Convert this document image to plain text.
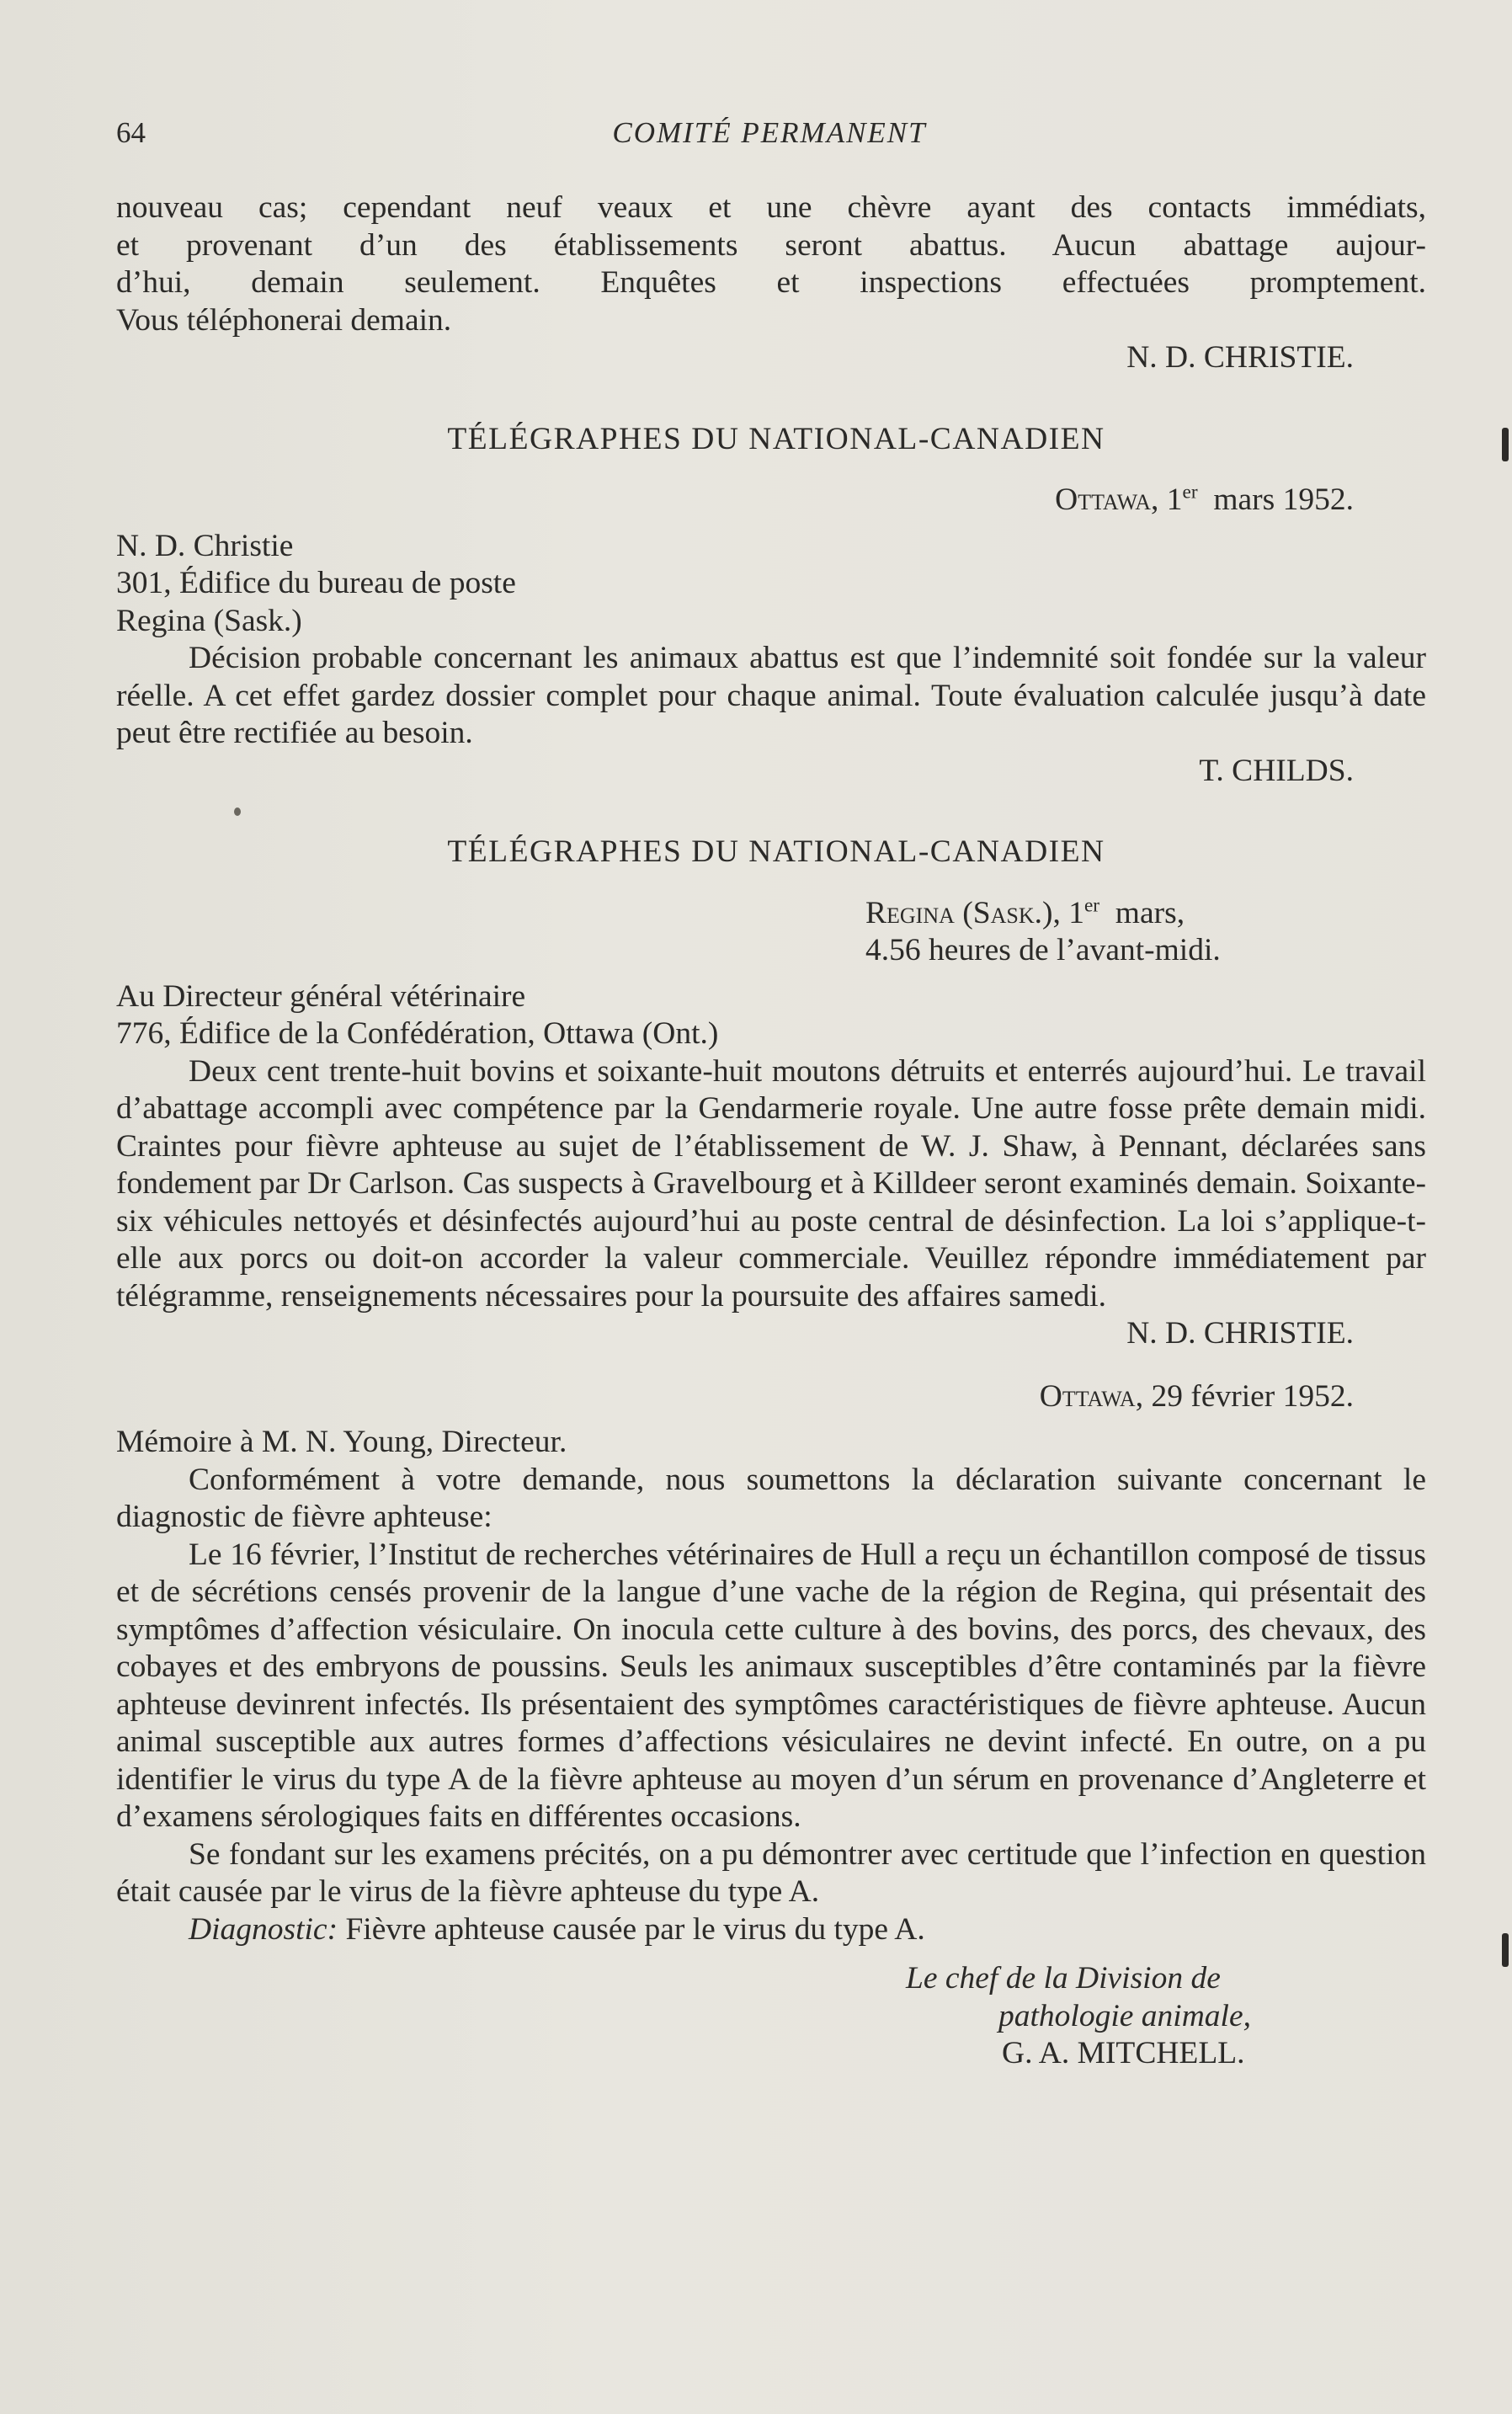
64	COMITÉ PERMANENT

nouveau cas; cependant neuf veaux et une chèvre ayant des contacts immédiats,

et provenant d’un des établissements seront abattus. Aucun abattage aujour-

d’hui, demain seulement. Enquêtes et inspections effectuées promptement.

Vous téléphonerai demain.

N. D. CHRISTIE.

TÉLÉGRAPHES DU NATIONAL-CANADIEN

Ottawa, 1er mars 1952.

N. D. Christie

301, Édifice du bureau de poste

Regina (Sask.)

Décision probable concernant les animaux abattus est que l’indemnité soit fondée sur la valeur réelle. A cet effet gardez dossier complet pour chaque animal. Toute évaluation calculée jusqu’à date peut être rectifiée au besoin.

T. CHILDS.

TÉLÉGRAPHES DU NATIONAL-CANADIEN

Regina (Sask.), 1er mars,

4.56 heures de l’avant-midi.

Au Directeur général vétérinaire

776, Édifice de la Confédération, Ottawa (Ont.)

Deux cent trente-huit bovins et soixante-huit moutons détruits et enterrés aujourd’hui. Le travail d’abattage accompli avec compétence par la Gendarmerie royale. Une autre fosse prête demain midi. Craintes pour fièvre aphteuse au sujet de l’établissement de W. J. Shaw, à Pennant, déclarées sans fondement par Dr Carlson. Cas suspects à Gravelbourg et à Killdeer seront examinés demain. Soixante-six véhicules nettoyés et désinfectés aujourd’hui au poste central de désinfection. La loi s’applique-t-elle aux porcs ou doit-on accorder la valeur commerciale. Veuillez répondre immédiatement par télégramme, renseignements nécessaires pour la poursuite des affaires samedi.

N. D. CHRISTIE.

Ottawa, 29 février 1952.

Mémoire à M. N. Young, Directeur.

Conformément à votre demande, nous soumettons la déclaration suivante concernant le diagnostic de fièvre aphteuse:

Le 16 février, l’Institut de recherches vétérinaires de Hull a reçu un échantillon composé de tissus et de sécrétions censés provenir de la langue d’une vache de la région de Regina, qui présentait des symptômes d’affection vésiculaire. On inocula cette culture à des bovins, des porcs, des chevaux, des cobayes et des embryons de poussins. Seuls les animaux susceptibles d’être contaminés par la fièvre aphteuse devinrent infectés. Ils présentaient des symptômes caractéristiques de fièvre aphteuse. Aucun animal susceptible aux autres formes d’affections vésiculaires ne devint infecté. En outre, on a pu identifier le virus du type A de la fièvre aphteuse au moyen d’un sérum en provenance d’Angleterre et d’examens sérologiques faits en différentes occasions.

Se fondant sur les examens précités, on a pu démontrer avec certitude que l’infection en question était causée par le virus de la fièvre aphteuse du type A.

Diagnostic: Fièvre aphteuse causée par le virus du type A.

Le chef de la Division de

pathologie animale,

G. A. MITCHELL.
